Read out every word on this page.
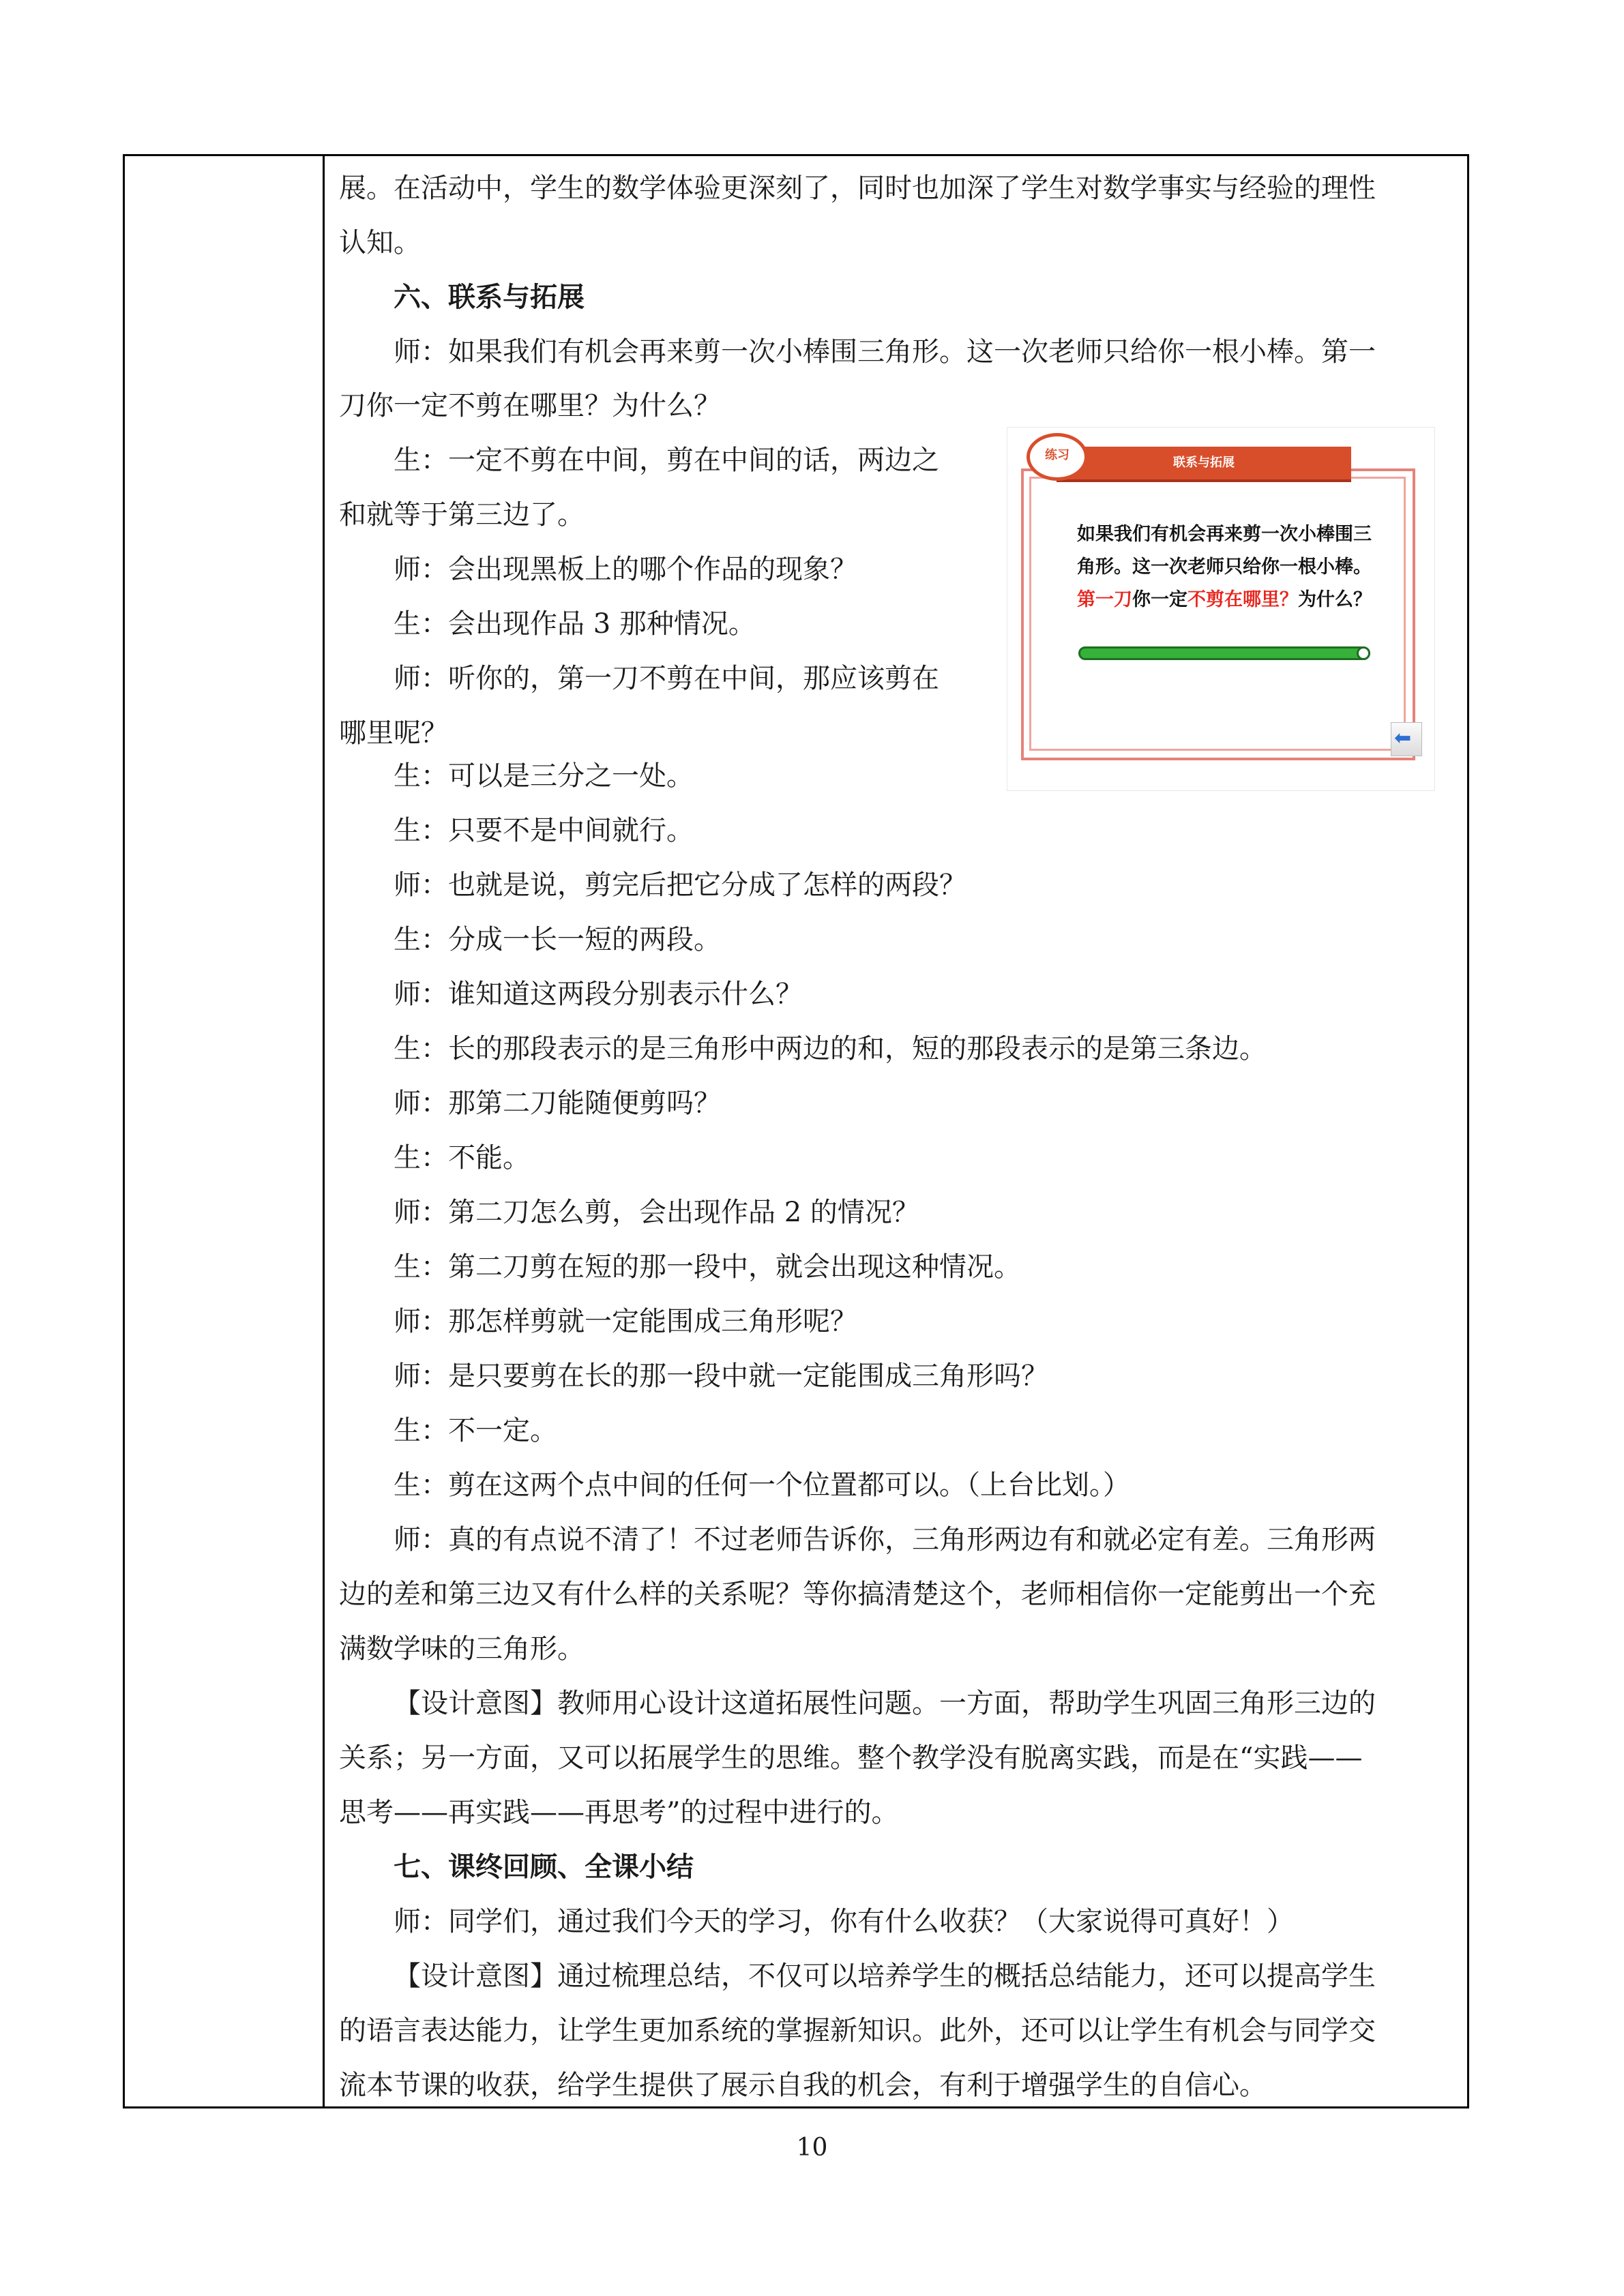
展。在活动中，学生的数学体验更深刻了，同时也加深了学生对数学事实与经验的理性
认知。
六、联系与拓展
师：如果我们有机会再来剪一次小棒围三角形。这一次老师只给你一根小棒。第一
刀你一定不剪在哪里？为什么？
生：一定不剪在中间，剪在中间的话，两边之
和就等于第三边了。
师：会出现黑板上的哪个作品的现象？
生：会出现作品 3 那种情况。
师：听你的，第一刀不剪在中间，那应该剪在
哪里呢？
生：可以是三分之一处。
生：只要不是中间就行。
师：也就是说，剪完后把它分成了怎样的两段？
生：分成一长一短的两段。
师：谁知道这两段分别表示什么？
生：长的那段表示的是三角形中两边的和，短的那段表示的是第三条边。
师：那第二刀能随便剪吗？
生：不能。
师：第二刀怎么剪，会出现作品 2 的情况？
生：第二刀剪在短的那一段中，就会出现这种情况。
师：那怎样剪就一定能围成三角形呢？
师：是只要剪在长的那一段中就一定能围成三角形吗？
生：不一定。
生：剪在这两个点中间的任何一个位置都可以。（上台比划。）
师：真的有点说不清了！不过老师告诉你，三角形两边有和就必定有差。三角形两
边的差和第三边又有什么样的关系呢？等你搞清楚这个，老师相信你一定能剪出一个充
满数学味的三角形。
【设计意图】教师用心设计这道拓展性问题。一方面，帮助学生巩固三角形三边的
关系；另一方面，又可以拓展学生的思维。整个教学没有脱离实践，而是在“实践——
思考——再实践——再思考”的过程中进行的。
七、课终回顾、全课小结
师：同学们，通过我们今天的学习，你有什么收获？（大家说得可真好！）
【设计意图】通过梳理总结，不仅可以培养学生的概括总结能力，还可以提高学生
的语言表达能力，让学生更加系统的掌握新知识。此外，还可以让学生有机会与同学交
流本节课的收获，给学生提供了展示自我的机会，有利于增强学生的自信心。
联系与拓展
练习
如果我们有机会再来剪一次小棒围三
角形。这一次老师只给你一根小棒。
第一刀你一定不剪在哪里？为什么？
⬅
10
